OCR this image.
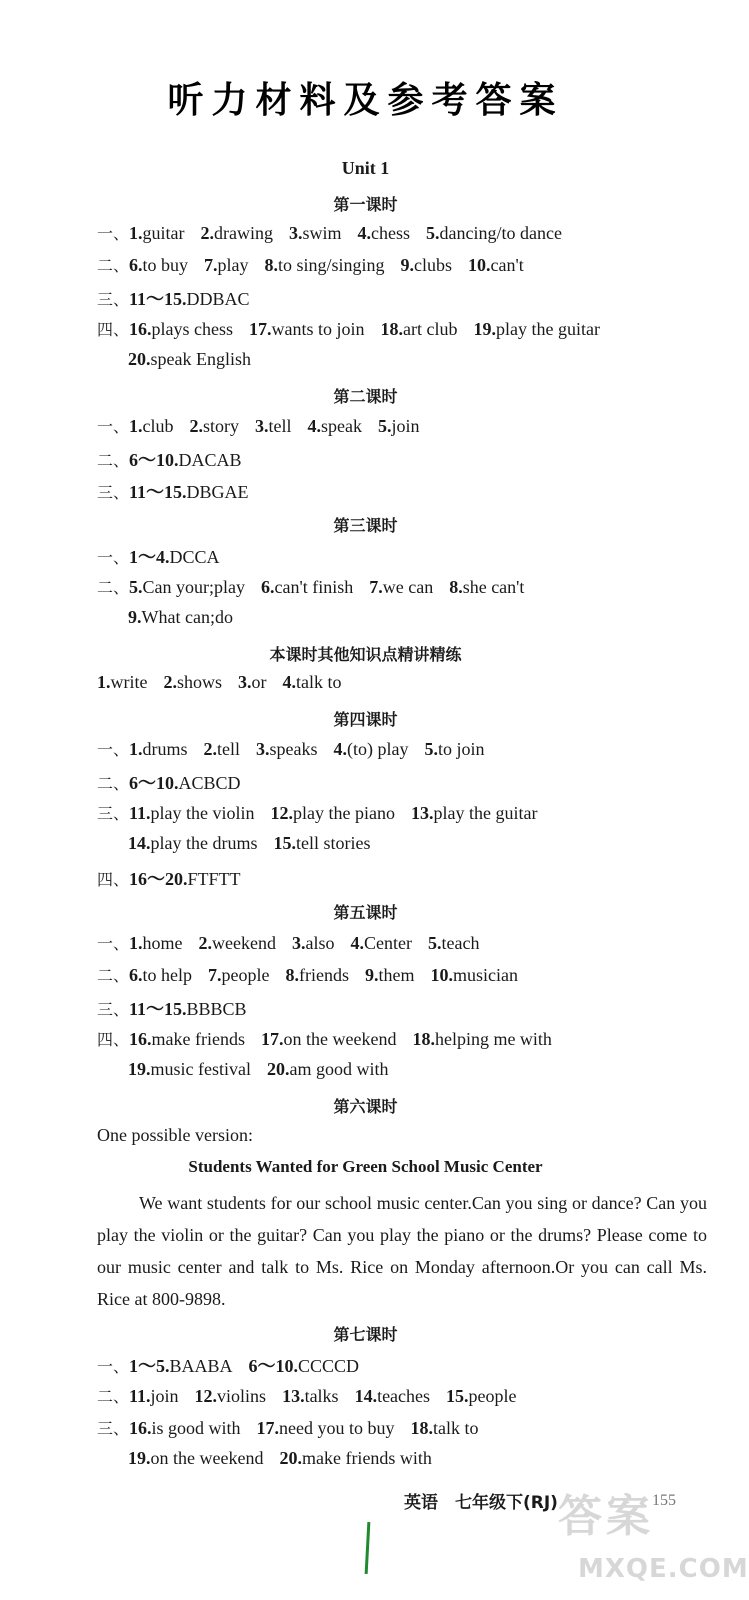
听力材料及参考答案
Unit 1
第一课时
一、1.guitar 2.drawing 3.swim 4.chess 5.dancing/to dance
二、6.to buy 7.play 8.to sing/singing 9.clubs 10.can't
三、11～15.DDBAC
四、16.plays chess 17.wants to join 18.art club 19.play the guitar
20.speak English
第二课时
一、1.club 2.story 3.tell 4.speak 5.join
二、6～10.DACAB
三、11～15.DBGAE
第三课时
一、1～4.DCCA
二、5.Can your;play 6.can't finish 7.we can 8.she can't
9.What can;do
本课时其他知识点精讲精练
1.write 2.shows 3.or 4.talk to
第四课时
一、1.drums 2.tell 3.speaks 4.(to) play 5.to join
二、6～10.ACBCD
三、11.play the violin 12.play the piano 13.play the guitar
14.play the drums 15.tell stories
四、16～20.FTFTT
第五课时
一、1.home 2.weekend 3.also 4.Center 5.teach
二、6.to help 7.people 8.friends 9.them 10.musician
三、11～15.BBBCB
四、16.make friends 17.on the weekend 18.helping me with
19.music festival 20.am good with
第六课时
One possible version:
Students Wanted for Green School Music Center
We want students for our school music center.Can you sing or dance? Can you play the violin or the guitar? Can you play the piano or the drums? Please come to our music center and talk to Ms. Rice on Monday afternoon.Or you can call Ms. Rice at 800-9898.
第七课时
一、1～5.BAABA 6～10.CCCCD
二、11.join 12.violins 13.talks 14.teaches 15.people
三、16.is good with 17.need you to buy 18.talk to
19.on the weekend 20.make friends with
英语　七年级下(RJ)	155
答案
MXQE.COM
